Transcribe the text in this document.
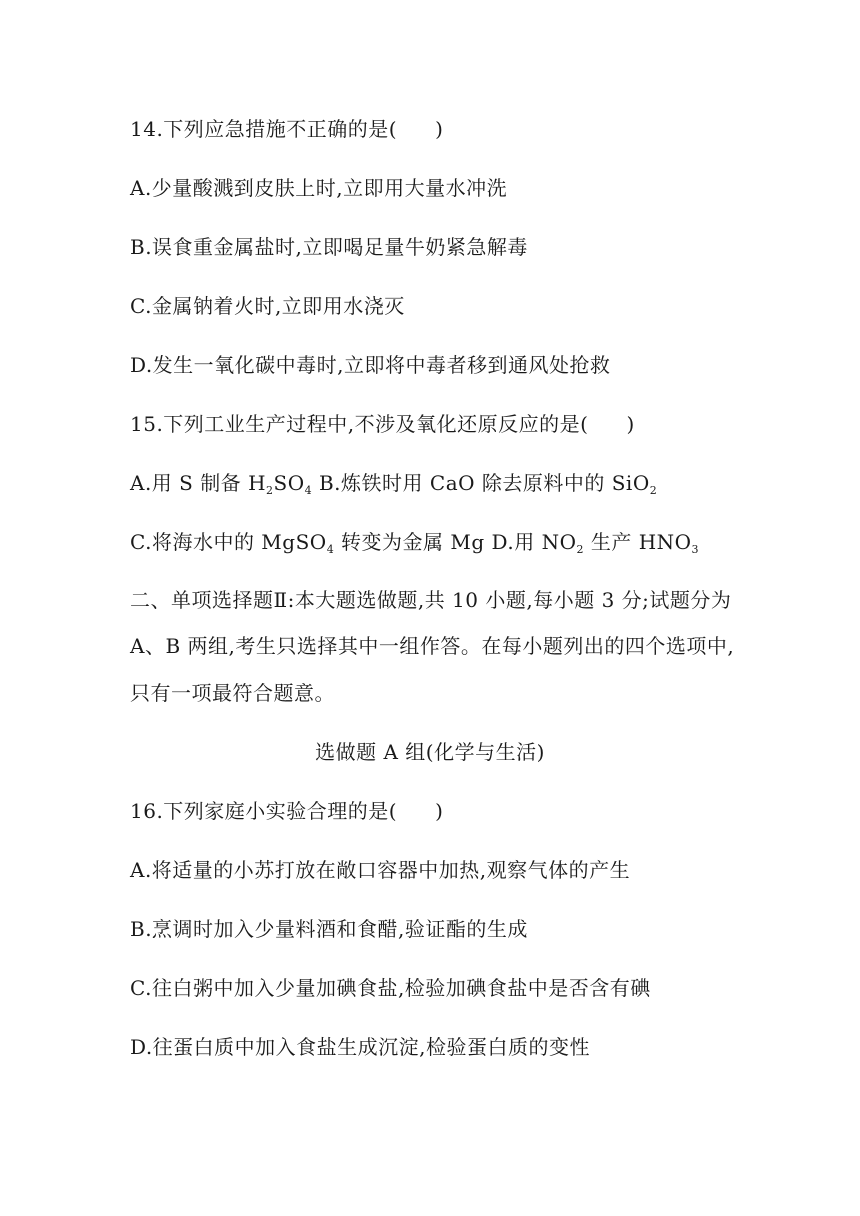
14.下列应急措施不正确的是( )
A.少量酸溅到皮肤上时,立即用大量水冲洗
B.误食重金属盐时,立即喝足量牛奶紧急解毒
C.金属钠着火时,立即用水浇灭
D.发生一氧化碳中毒时,立即将中毒者移到通风处抢救
15.下列工业生产过程中,不涉及氧化还原反应的是( )
A.用 S 制备 $H_2SO_4$ B.炼铁时用 CaO 除去原料中的 SiO$_2$
C.将海水中的 MgSO$_4$ 转变为金属 Mg D.用 $NO_2$ 生产 $HNO_3$
二、单项选择题Ⅱ:本大题选做题,共 10 小题,每小题 3 分;试题分为
A、B 两组,考生只选择其中一组作答。在每小题列出的四个选项中,
只有一项最符合题意。
选做题 A 组(化学与生活)
16.下列家庭小实验合理的是( )
A.将适量的小苏打放在敞口容器中加热,观察气体的产生
B.烹调时加入少量料酒和食醋,验证酯的生成
C.往白粥中加入少量加碘食盐,检验加碘食盐中是否含有碘
D.往蛋白质中加入食盐生成沉淀,检验蛋白质的变性
